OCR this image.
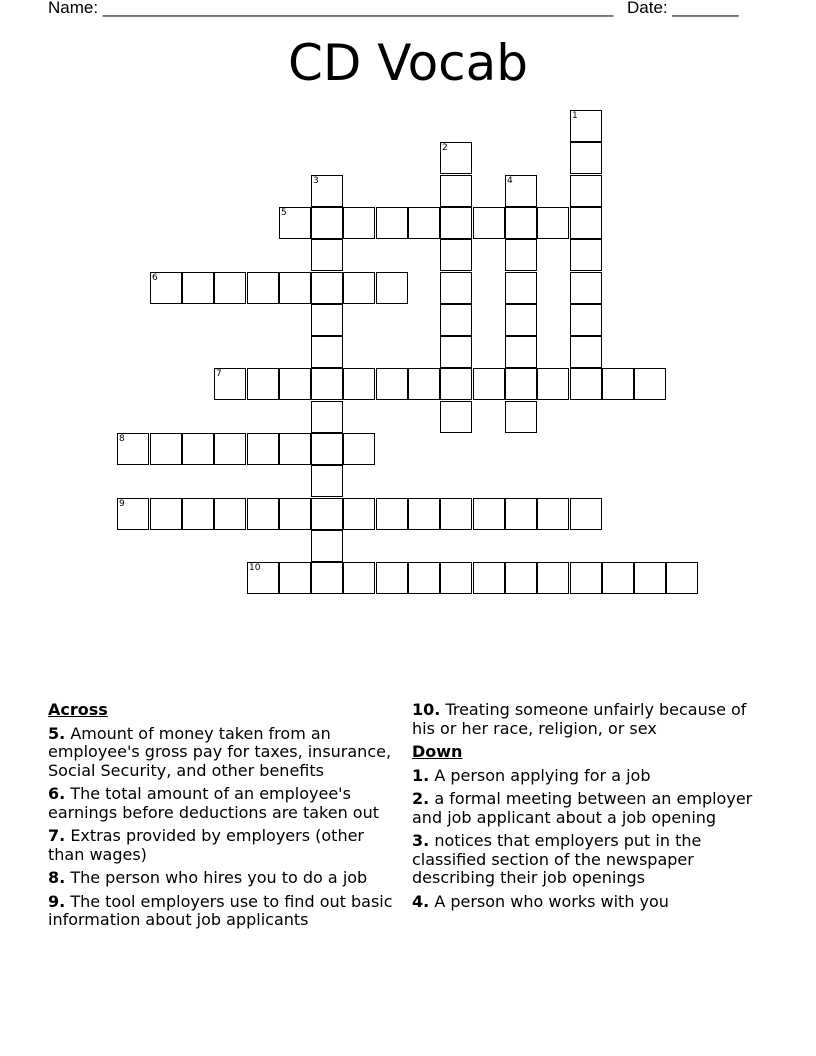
Name: ______________________________________________________ Date: _______
CD Vocab
1
2
3	4
5
6
7
8
9
10
Across
5. Amount of money taken from an employee's gross pay for taxes, insurance, Social Security, and other benefits
6. The total amount of an employee's earnings before deductions are taken out
7. Extras provided by employers (other than wages)
8. The person who hires you to do a job
9. The tool employers use to find out basic information about job applicants
10. Treating someone unfairly because of his or her race, religion, or sex
Down
1. A person applying for a job
2. a formal meeting between an employer and job applicant about a job opening
3. notices that employers put in the classified section of the newspaper describing their job openings
4. A person who works with you
